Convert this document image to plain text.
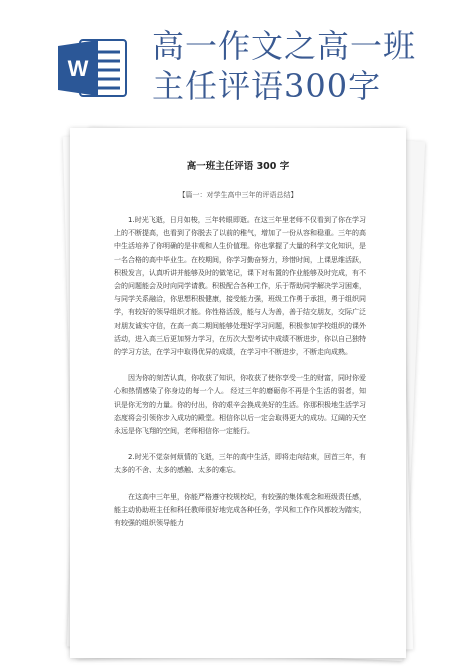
W
高一作文之高一班
主任评语300字
高一班主任评语 300 字
【篇一：对学生高中三年的评语总结】

1.时光飞逝，日月如梭，三年转眼即逝。在这三年里老师不仅看到了你在学习上的不断提高，也看到了你脱去了以前的稚气，增加了一份从容和稳重。三年的高中生活培养了你明确的是非观和人生价值理。你也掌握了大量的科学文化知识，是一名合格的高中毕业生。在校期间，你学习勤奋努力，珍惜时间，上课思维活跃，积极发言，认真听讲并能够及时的做笔记，课下对布置的作业能够及时完成，有不会的问题能会及时向同学请教。积极配合各种工作，乐于帮助同学解决学习困难，与同学关系融洽，你思想积极健康，接受能力强，班级工作勇于承担，勇于组织同学，有较好的领导组织才能。你性格活泼，能与人为善，善于结交朋友，交际广泛对朋友诚实守信，在高一高二期间能够处理好学习问题，积极参加学校组织的课外活动，进入高三后更加努力学习，在历次大型考试中成绩不断进步，你以自己独特的学习方法，在学习中取得优异的成绩，在学习中不断进步，不断走向成熟。

因为你的刻苦认真，你收获了知识，你收获了使你享受一生的财富，同时你爱心和热情感染了你身边的每一个人。 经过三年的磨砺你不再是个生活的弱者，知识是你无穷的力量。你的付出，你的艰辛会换成美好的生活。你那积极地生活学习态度将会引领你步入成功的殿堂。相信你以后一定会取得更大的成功。辽阔的天空永远是你飞翔的空间，老师相信你一定能行。

2.时光不觉奈何烦情的飞逝，三年的高中生活，即将走向结束，回首三年，有太多的不舍、太多的感触、太多的难忘。

在这高中三年里，你能严格遵守校规校纪，有较强的集体观念和班级责任感，能主动协助班主任和科任教师很好地完成各种任务，学风和工作作风都较为踏实，有较强的组织领导能力
